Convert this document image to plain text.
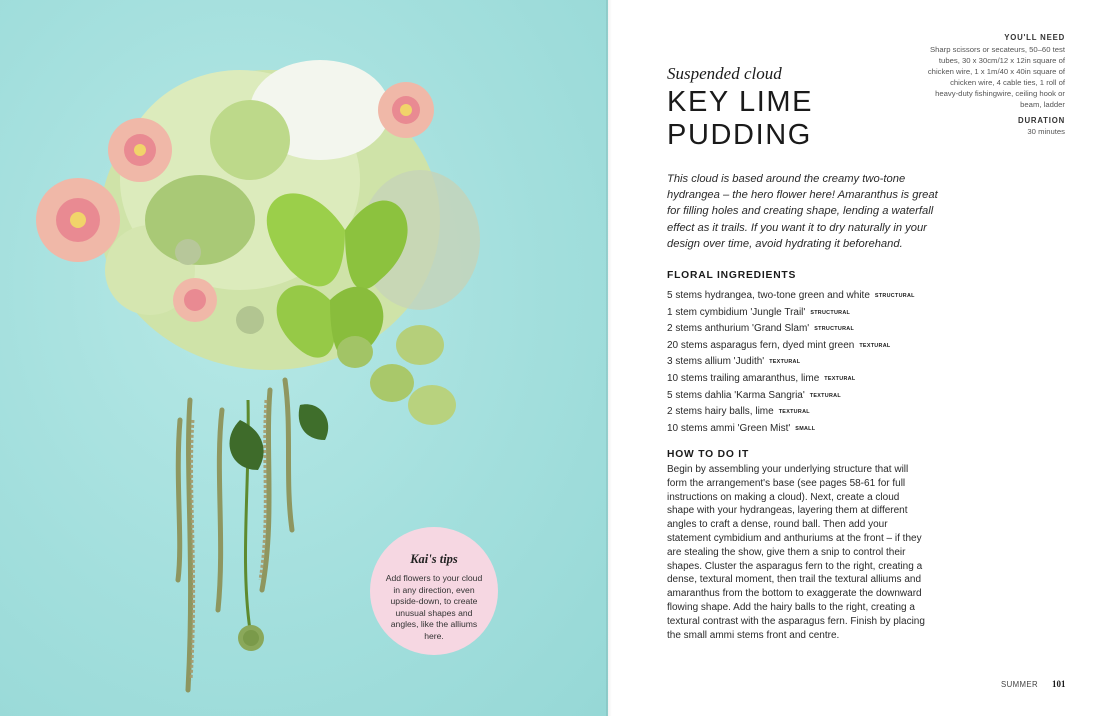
Kai's tips
Add flowers to your cloud in any direction, even upside-down, to create unusual shapes and angles, like the alliums here.
YOU'LL NEED
Sharp scissors or secateurs, 50–60 test tubes, 30 x 30cm/12 x 12in square of chicken wire, 1 x 1m/40 x 40in square of chicken wire, 4 cable ties, 1 roll of heavy-duty fishingwire, ceiling hook or beam, ladder
DURATION
30 minutes
Suspended cloud
KEY LIME PUDDING
This cloud is based around the creamy two-tone hydrangea – the hero flower here! Amaranthus is great for filling holes and creating shape, lending a waterfall effect as it trails. If you want it to dry naturally in your design over time, avoid hydrating it beforehand.
FLORAL INGREDIENTS
5 stems hydrangea, two-tone green and white STRUCTURAL
1 stem cymbidium 'Jungle Trail' STRUCTURAL
2 stems anthurium 'Grand Slam' STRUCTURAL
20 stems asparagus fern, dyed mint green TEXTURAL
3 stems allium 'Judith' TEXTURAL
10 stems trailing amaranthus, lime TEXTURAL
5 stems dahlia 'Karma Sangria' TEXTURAL
2 stems hairy balls, lime TEXTURAL
10 stems ammi 'Green Mist' SMALL
HOW TO DO IT
Begin by assembling your underlying structure that will form the arrangement's base (see pages 58-61 for full instructions on making a cloud). Next, create a cloud shape with your hydrangeas, layering them at different angles to craft a dense, round ball. Then add your statement cymbidium and anthuriums at the front – if they are stealing the show, give them a snip to control their shapes. Cluster the asparagus fern to the right, creating a dense, textural moment, then trail the textural alliums and amaranthus from the bottom to exaggerate the downward flowing shape. Add the hairy balls to the right, creating a textural contrast with the asparagus fern. Finish by placing the small ammi stems front and centre.
SUMMER 101
